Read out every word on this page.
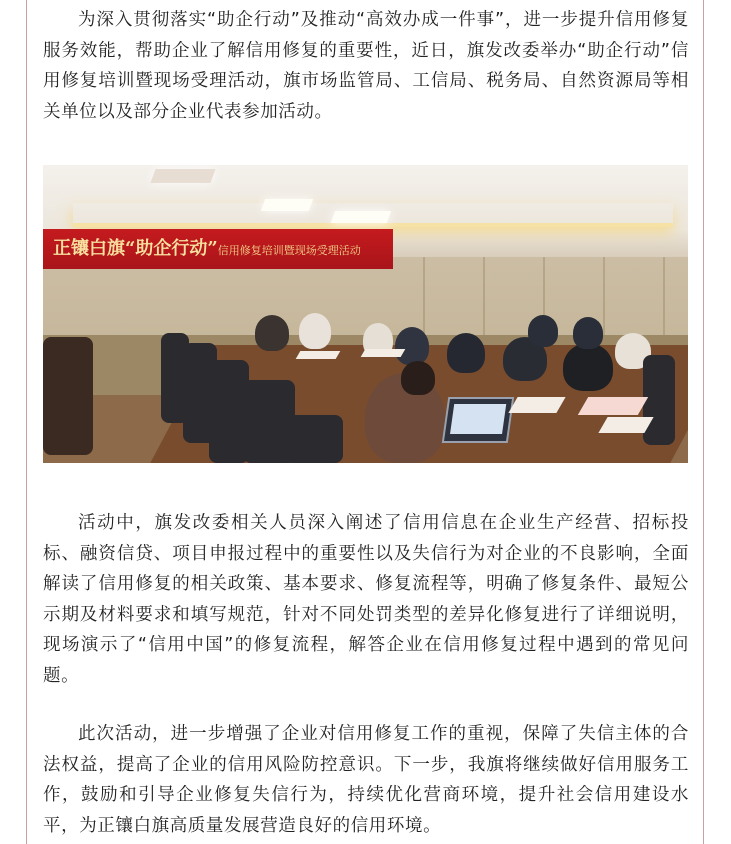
为深入贯彻落实“助企行动”及推动“高效办成一件事”，进一步提升信用修复服务效能，帮助企业了解信用修复的重要性，近日，旗发改委举办“助企行动”信用修复培训暨现场受理活动，旗市场监管局、工信局、税务局、自然资源局等相关单位以及部分企业代表参加活动。

正镶白旗“助企行动”信用修复培训暨现场受理活动

活动中，旗发改委相关人员深入阐述了信用信息在企业生产经营、招标投标、融资信贷、项目申报过程中的重要性以及失信行为对企业的不良影响，全面解读了信用修复的相关政策、基本要求、修复流程等，明确了修复条件、最短公示期及材料要求和填写规范，针对不同处罚类型的差异化修复进行了详细说明，现场演示了“信用中国”的修复流程，解答企业在信用修复过程中遇到的常见问题。

此次活动，进一步增强了企业对信用修复工作的重视，保障了失信主体的合法权益，提高了企业的信用风险防控意识。下一步，我旗将继续做好信用服务工作，鼓励和引导企业修复失信行为，持续优化营商环境，提升社会信用建设水平，为正镶白旗高质量发展营造良好的信用环境。
